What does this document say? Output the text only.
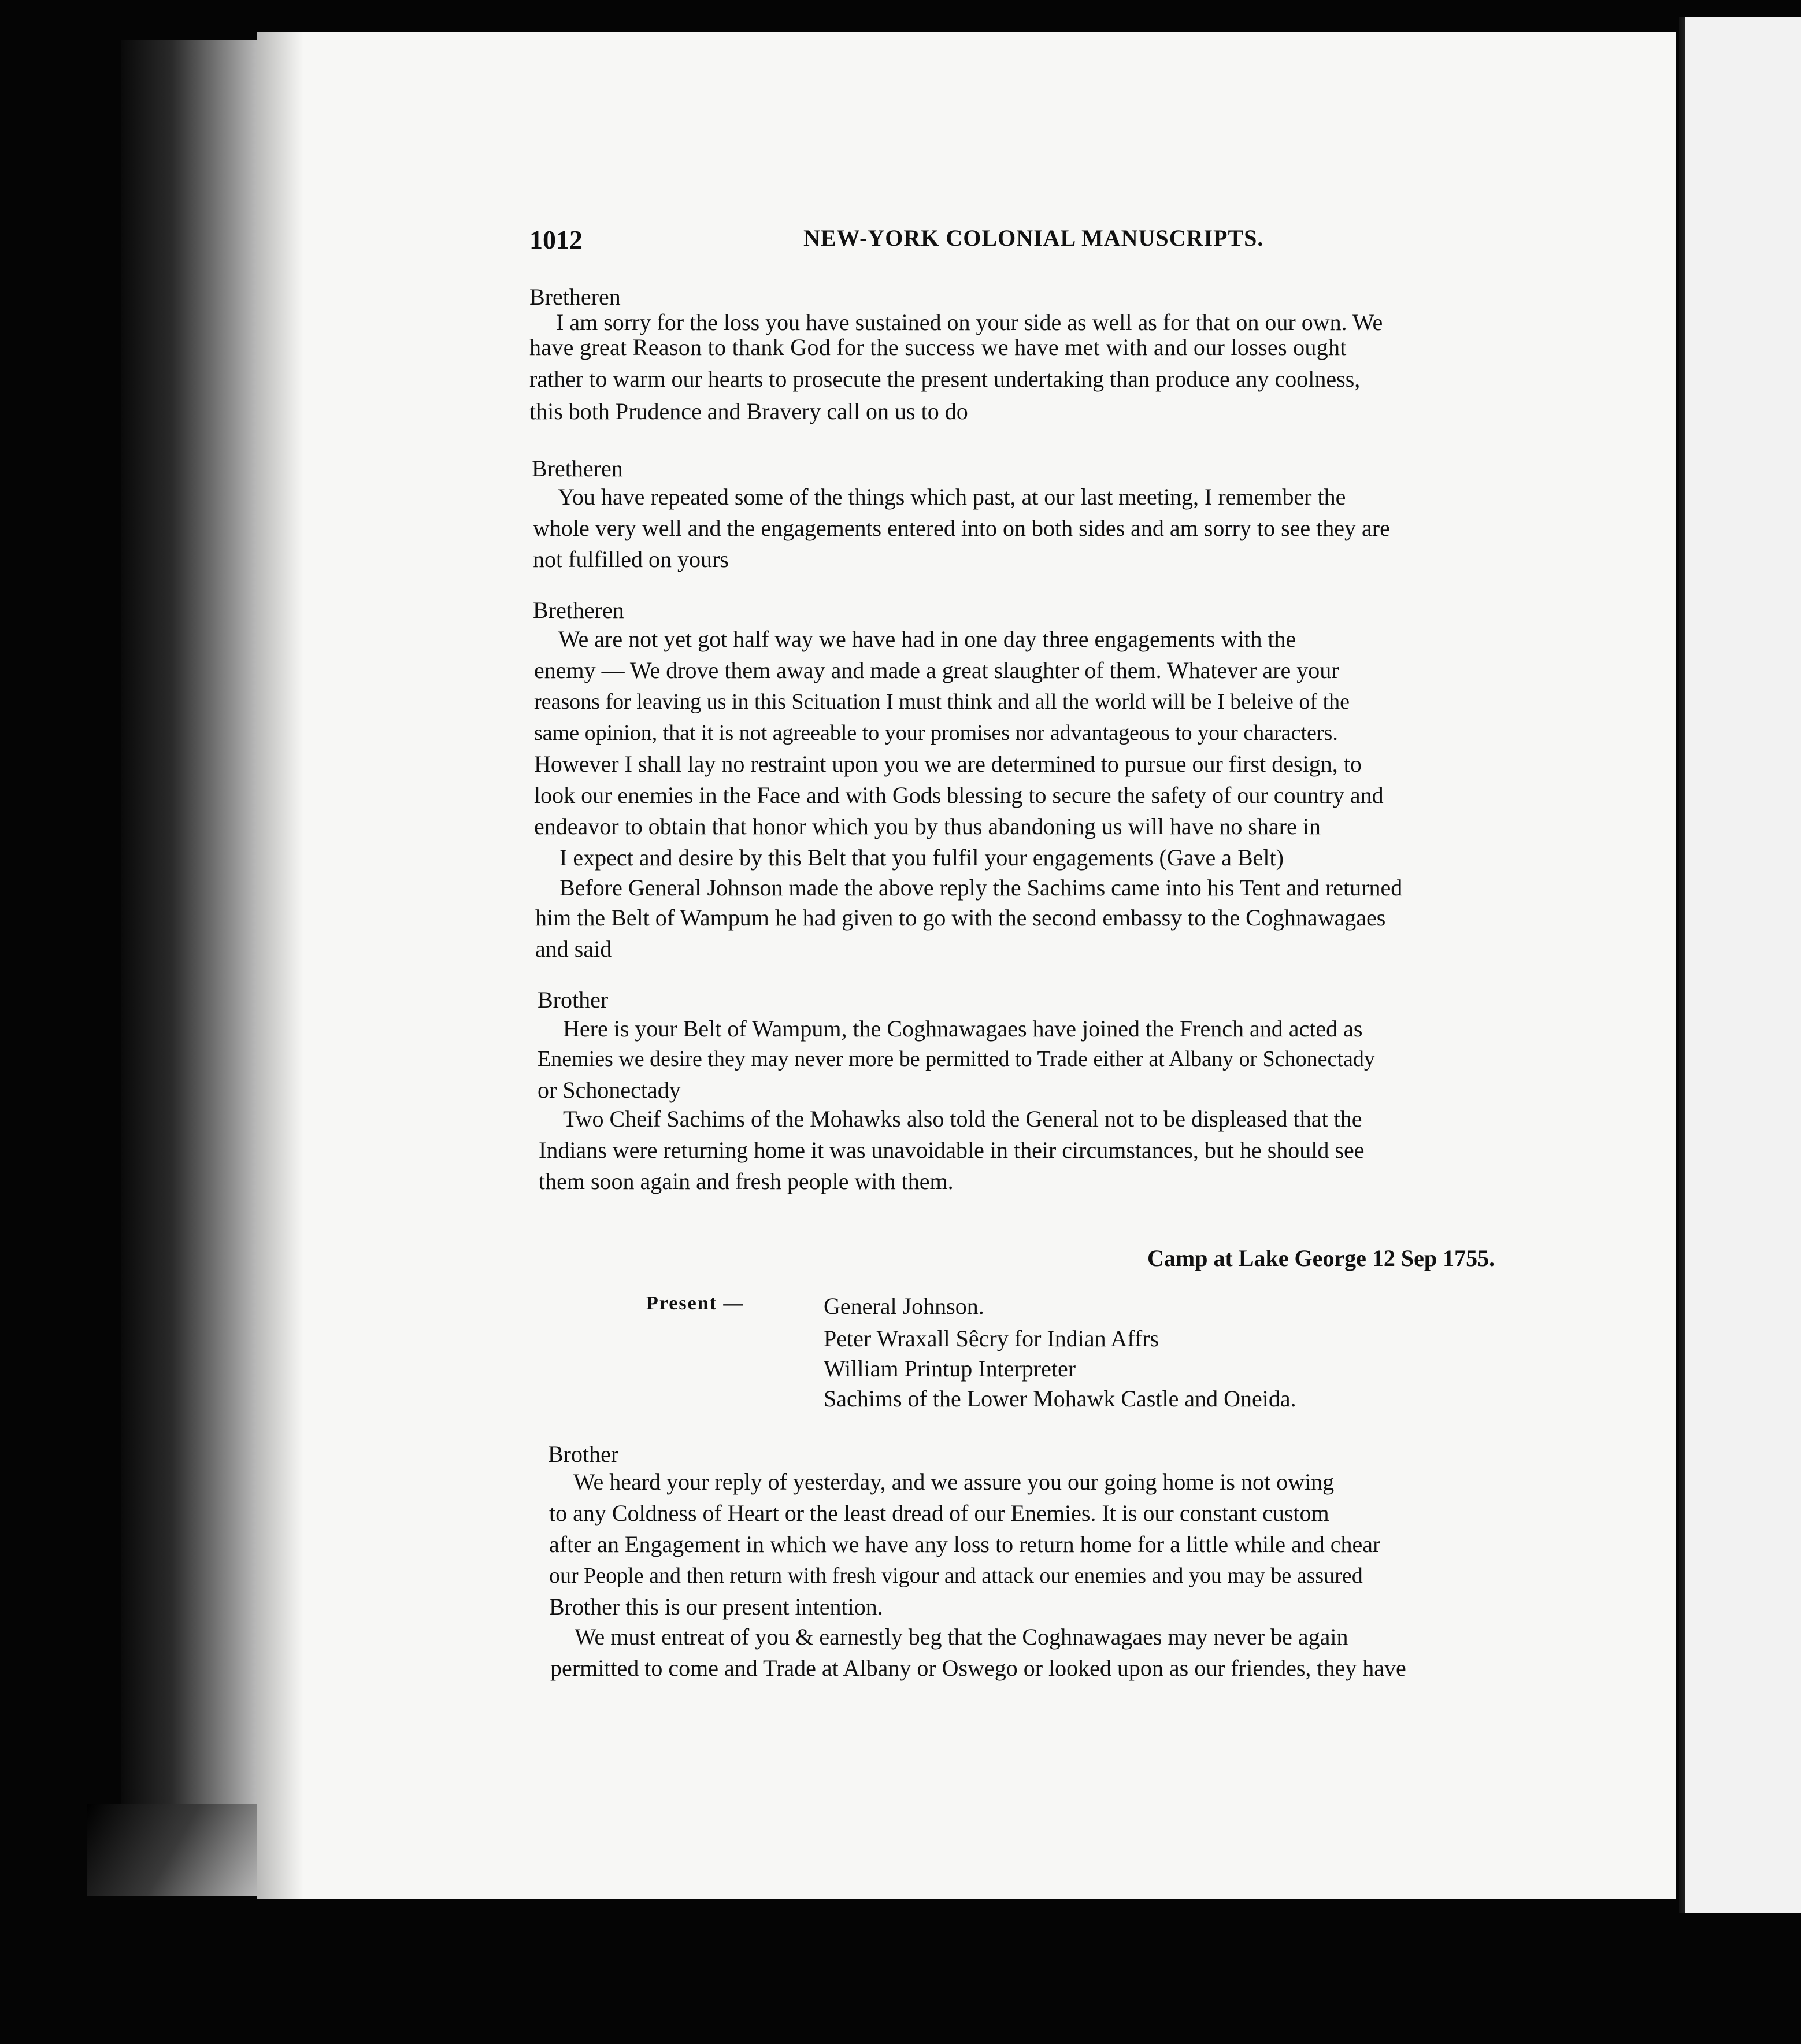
1012	NEW-YORK COLONIAL MANUSCRIPTS.
Bretheren
I am sorry for the loss you have sustained on your side as well as for that on our own. We
have great Reason to thank God for the success we have met with and our losses ought
rather to warm our hearts to prosecute the present undertaking than produce any coolness,
this both Prudence and Bravery call on us to do
Bretheren
You have repeated some of the things which past, at our last meeting, I remember the
whole very well and the engagements entered into on both sides and am sorry to see they are
not fulfilled on yours
Bretheren
We are not yet got half way we have had in one day three engagements with the
enemy — We drove them away and made a great slaughter of them. Whatever are your
reasons for leaving us in this Scituation I must think and all the world will be I beleive of the
same opinion, that it is not agreeable to your promises nor advantageous to your characters.
However I shall lay no restraint upon you we are determined to pursue our first design, to
look our enemies in the Face and with Gods blessing to secure the safety of our country and
endeavor to obtain that honor which you by thus abandoning us will have no share in
I expect and desire by this Belt that you fulfil your engagements (Gave a Belt)
Before General Johnson made the above reply the Sachims came into his Tent and returned
him the Belt of Wampum he had given to go with the second embassy to the Coghnawagaes
and said
Brother
Here is your Belt of Wampum, the Coghnawagaes have joined the French and acted as
Enemies we desire they may never more be permitted to Trade either at Albany or Schonectady
or Schonectady
Two Cheif Sachims of the Mohawks also told the General not to be displeased that the
Indians were returning home it was unavoidable in their circumstances, but he should see
them soon again and fresh people with them.
Camp at Lake George 12 Sep 1755.
Present —	General Johnson.
Peter Wraxall Sêcry for Indian Affrs
William Printup Interpreter
Sachims of the Lower Mohawk Castle and Oneida.
Brother
We heard your reply of yesterday, and we assure you our going home is not owing
to any Coldness of Heart or the least dread of our Enemies. It is our constant custom
after an Engagement in which we have any loss to return home for a little while and chear
our People and then return with fresh vigour and attack our enemies and you may be assured
Brother this is our present intention.
We must entreat of you & earnestly beg that the Coghnawagaes may never be again
permitted to come and Trade at Albany or Oswego or looked upon as our friendes, they have
